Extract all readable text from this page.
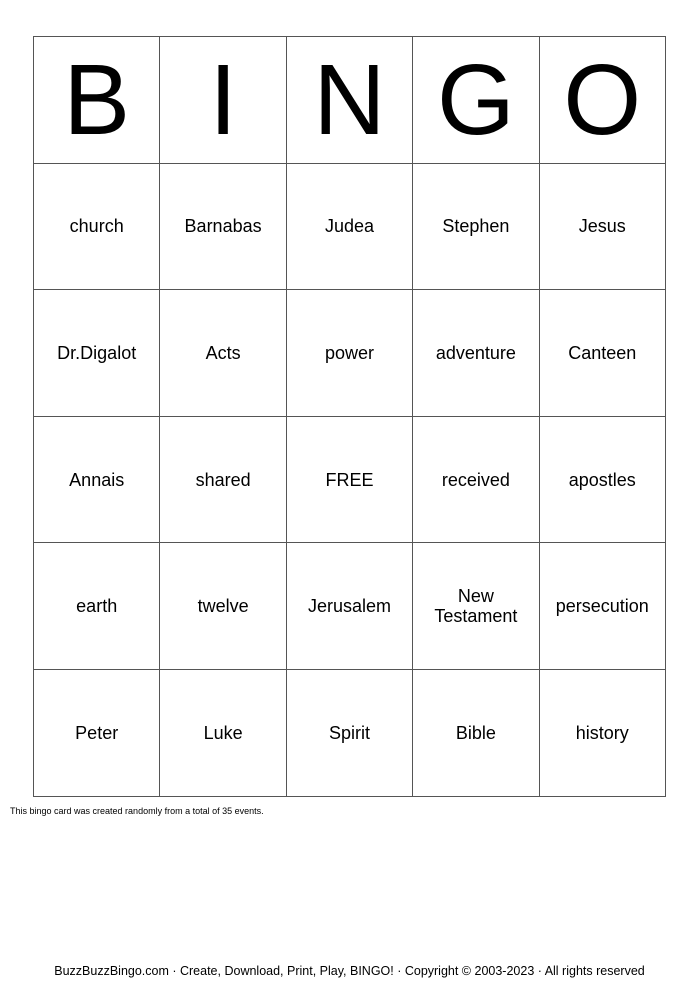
B	I	N	G	O
church	Barnabas	Judea	Stephen	Jesus
Dr.Digalot	Acts	power	adventure	Canteen
Annais	shared	FREE	received	apostles
earth	twelve	Jerusalem	New Testament	persecution
Peter	Luke	Spirit	Bible	history
This bingo card was created randomly from a total of 35 events.
BuzzBuzzBingo.com · Create, Download, Print, Play, BINGO! · Copyright © 2003-2023 · All rights reserved
